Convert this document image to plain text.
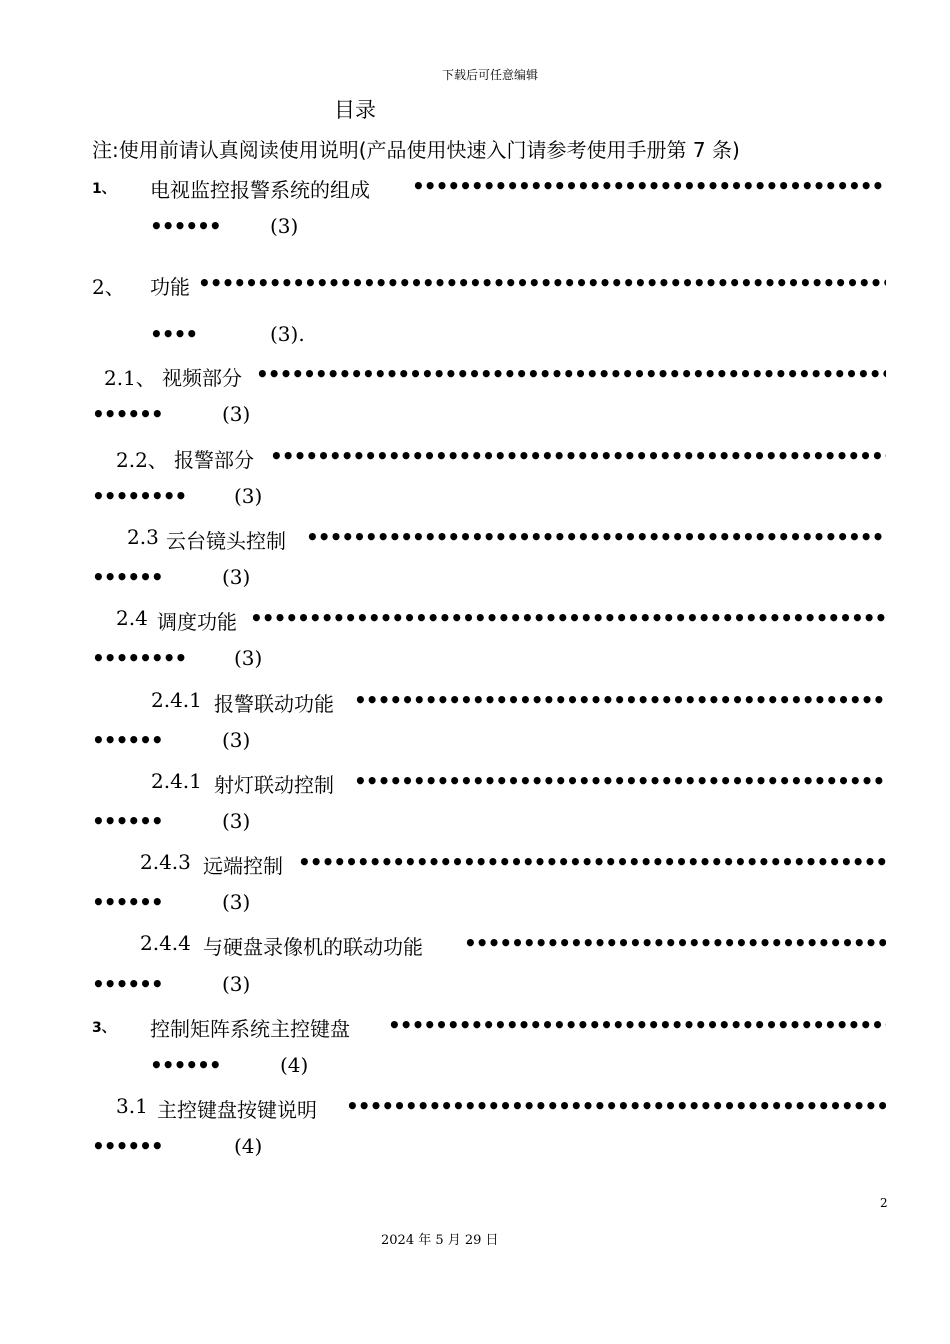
下载后可任意编辑
目录
注:使用前请认真阅读使用说明(产品使用快速入门请参考使用手册第 7 条)
1、 电视监控报警系统的组成
•••••
•••••(3)
2、 功能
•••••
•••••(3).
2.1、 视频部分
•••••
•••••(3)
2.2、 报警部分
•••••
•••••(3)
2.3 云台镜头控制
•••••
•••••(3)
2.4 调度功能
•••••
•••••(3)
2.4.1 报警联动功能
•••••
•••••(3)
2.4.1 射灯联动控制
•••••
•••••(3)
2.4.3 远端控制
•••••
•••••(3)
2.4.4 与硬盘录像机的联动功能
•••••
•••••(3)
3、 控制矩阵系统主控键盘
•••••
•••••(4)
3.1 主控键盘按键说明
•••••
•••••(4)
2
2024 年 5 月 29 日
